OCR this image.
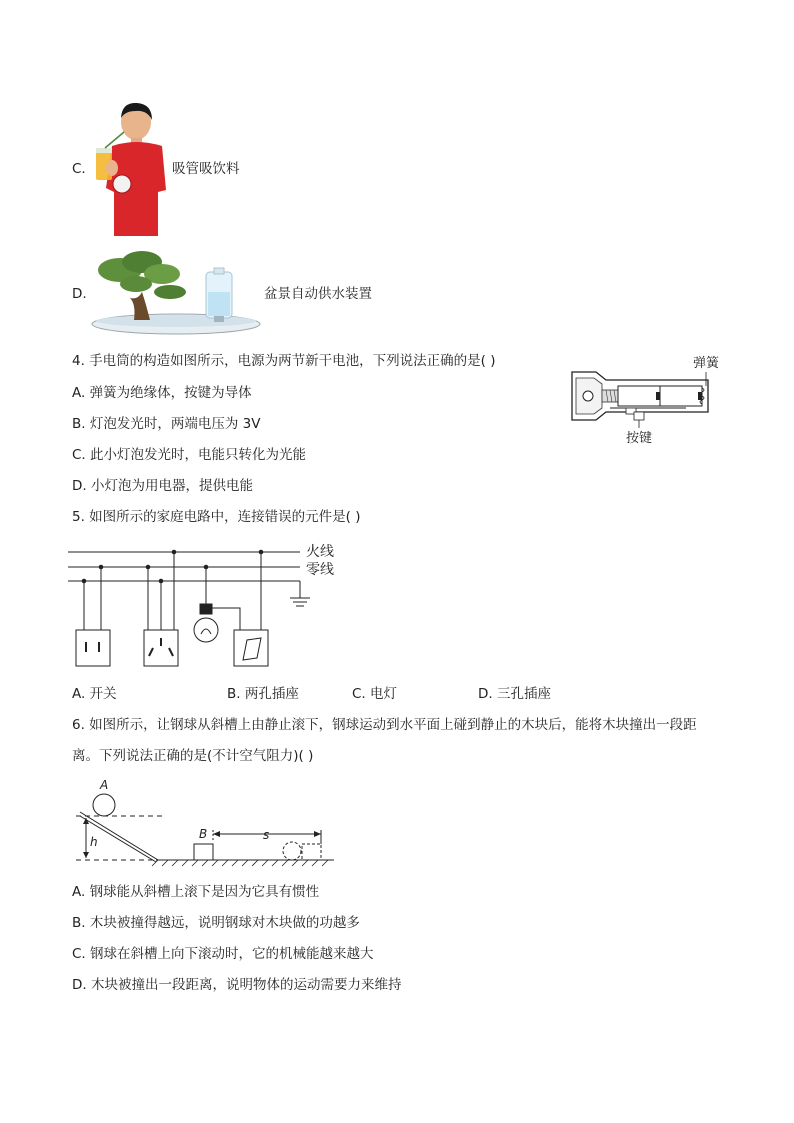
C.	吸管吸饮料
D.	盆景自动供水装置
4. 手电筒的构造如图所示，电源为两节新干电池，下列说法正确的是( )
A. 弹簧为绝缘体，按键为导体
B. 灯泡发光时，两端电压为 3V
C. 此小灯泡发光时，电能只转化为光能
D. 小灯泡为用电器，提供电能
弹簧
按键
5. 如图所示的家庭电路中，连接错误的元件是( )
火线
零线
A. 开关	B. 两孔插座	C. 电灯	D. 三孔插座
6. 如图所示，让钢球从斜槽上由静止滚下，钢球运动到水平面上碰到静止的木块后，能将木块撞出一段距
离。下列说法正确的是(不计空气阻力)( )
A
B	s
h
A. 钢球能从斜槽上滚下是因为它具有惯性
B. 木块被撞得越远，说明钢球对木块做的功越多
C. 钢球在斜槽上向下滚动时，它的机械能越来越大
D. 木块被撞出一段距离，说明物体的运动需要力来维持
